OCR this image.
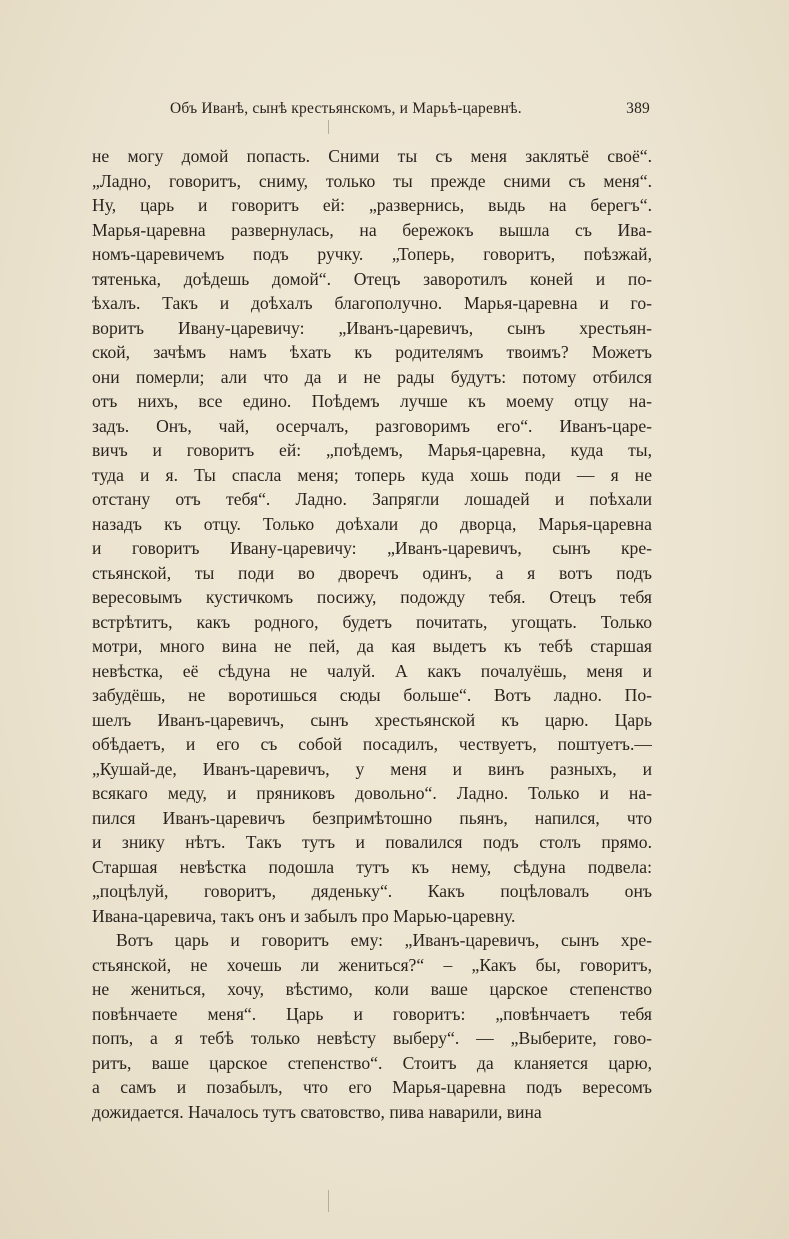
Объ Иванѣ, сынѣ крестьянскомъ, и Марьѣ-царевнѣ.	389
не могу домой попасть. Сними ты съ меня заклятьё своё“.
„Ладно, говоритъ, сниму, только ты прежде сними съ меня“.
Ну, царь и говоритъ ей: „развернись, выдь на берегъ“.
Марья-царевна развернулась, на бережокъ вышла съ Ива-
номъ-царевичемъ подъ ручку. „Топерь, говоритъ, поѣзжай,
тятенька, доѣдешь домой“. Отецъ заворотилъ коней и по-
ѣхалъ. Такъ и доѣхалъ благополучно. Марья-царевна и го-
воритъ Ивану-царевичу: „Иванъ-царевичъ, сынъ хрестьян-
ской, зачѣмъ намъ ѣхать къ родителямъ твоимъ? Можетъ
они померли; али что да и не рады будутъ: потому отбился
отъ нихъ, все едино. Поѣдемъ лучше къ моему отцу на-
задъ. Онъ, чай, осерчалъ, разговоримъ его“. Иванъ-царе-
вичъ и говоритъ ей: „поѣдемъ, Марья-царевна, куда ты,
туда и я. Ты спасла меня; топерь куда хошь поди — я не
отстану отъ тебя“. Ладно. Запрягли лошадей и поѣхали
назадъ къ отцу. Только доѣхали до дворца, Марья-царевна
и говоритъ Ивану-царевичу: „Иванъ-царевичъ, сынъ кре-
стьянской, ты поди во дворечъ одинъ, а я вотъ подъ
вересовымъ кустичкомъ посижу, подожду тебя. Отецъ тебя
встрѣтитъ, какъ родного, будетъ почитать, угощать. Только
мотри, много вина не пей, да кая выдетъ къ тебѣ старшая
невѣстка, её сѣдуна не чалуй. А какъ почалуёшь, меня и
забудёшь, не воротишься сюды больше“. Вотъ ладно. По-
шелъ Иванъ-царевичъ, сынъ хрестьянской къ царю. Царь
обѣдаетъ, и его съ собой посадилъ, чествуетъ, поштуетъ.—
„Кушай-де, Иванъ-царевичъ, у меня и винъ разныхъ, и
всякаго меду, и пряниковъ довольно“. Ладно. Только и на-
пился Иванъ-царевичъ безпримѣтошно пьянъ, напился, что
и знику нѣтъ. Такъ тутъ и повалился подъ столъ прямо.
Старшая невѣстка подошла тутъ къ нему, сѣдуна подвела:
„поцѣлуй, говоритъ, дяденьку“. Какъ поцѣловалъ онъ
Ивана-царевича, такъ онъ и забылъ про Марью-царевну.
Вотъ царь и говоритъ ему: „Иванъ-царевичъ, сынъ хре-
стьянской, не хочешь ли жениться?“ – „Какъ бы, говоритъ,
не жениться, хочу, вѣстимо, коли ваше царское степенство
повѣнчаете меня“. Царь и говоритъ: „повѣнчаетъ тебя
попъ, а я тебѣ только невѣсту выберу“. — „Выберите, гово-
ритъ, ваше царское степенство“. Стоитъ да кланяется царю,
а самъ и позабылъ, что его Марья-царевна подъ вересомъ
дожидается. Началось тутъ сватовство, пива наварили, вина
